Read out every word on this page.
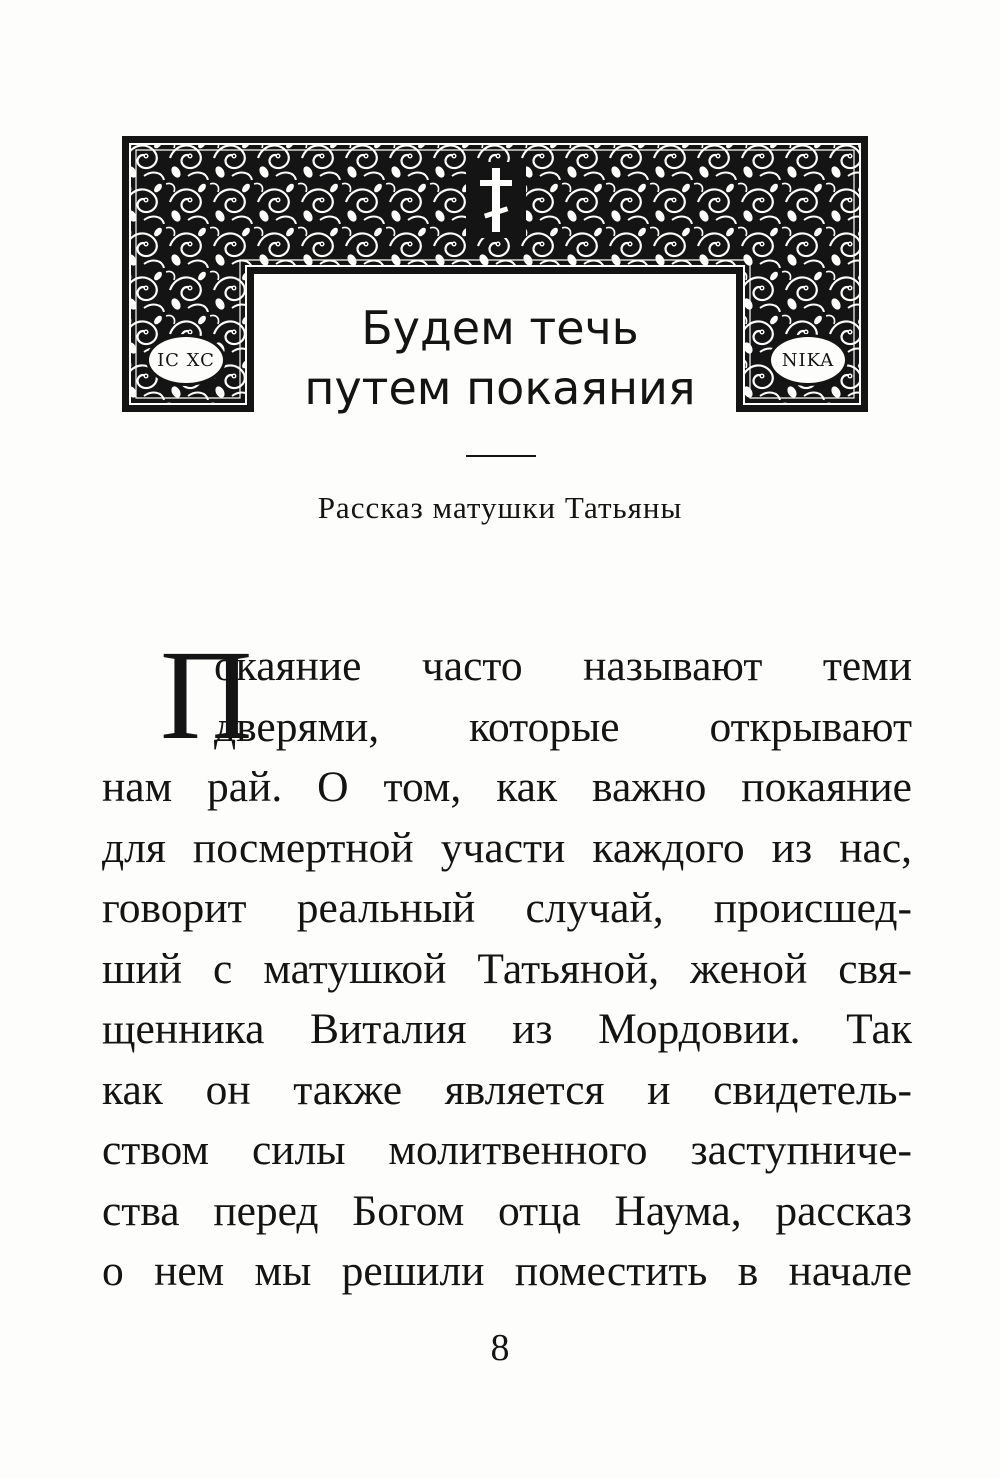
IC XC	NIKA
Будем течь
путем покаяния

Рассказ матушки Татьяны

П
окаяние часто называют теми
дверями, которые открывают
нам рай. О том, как важно покаяние
для посмертной участи каждого из нас,
говорит реальный случай, происшед-
ший с матушкой Татьяной, женой свя-
щенника Виталия из Мордовии. Так
как он также является и свидетель-
ством силы молитвенного заступниче-
ства перед Богом отца Наума, рассказ
о нем мы решили поместить в начале
8
